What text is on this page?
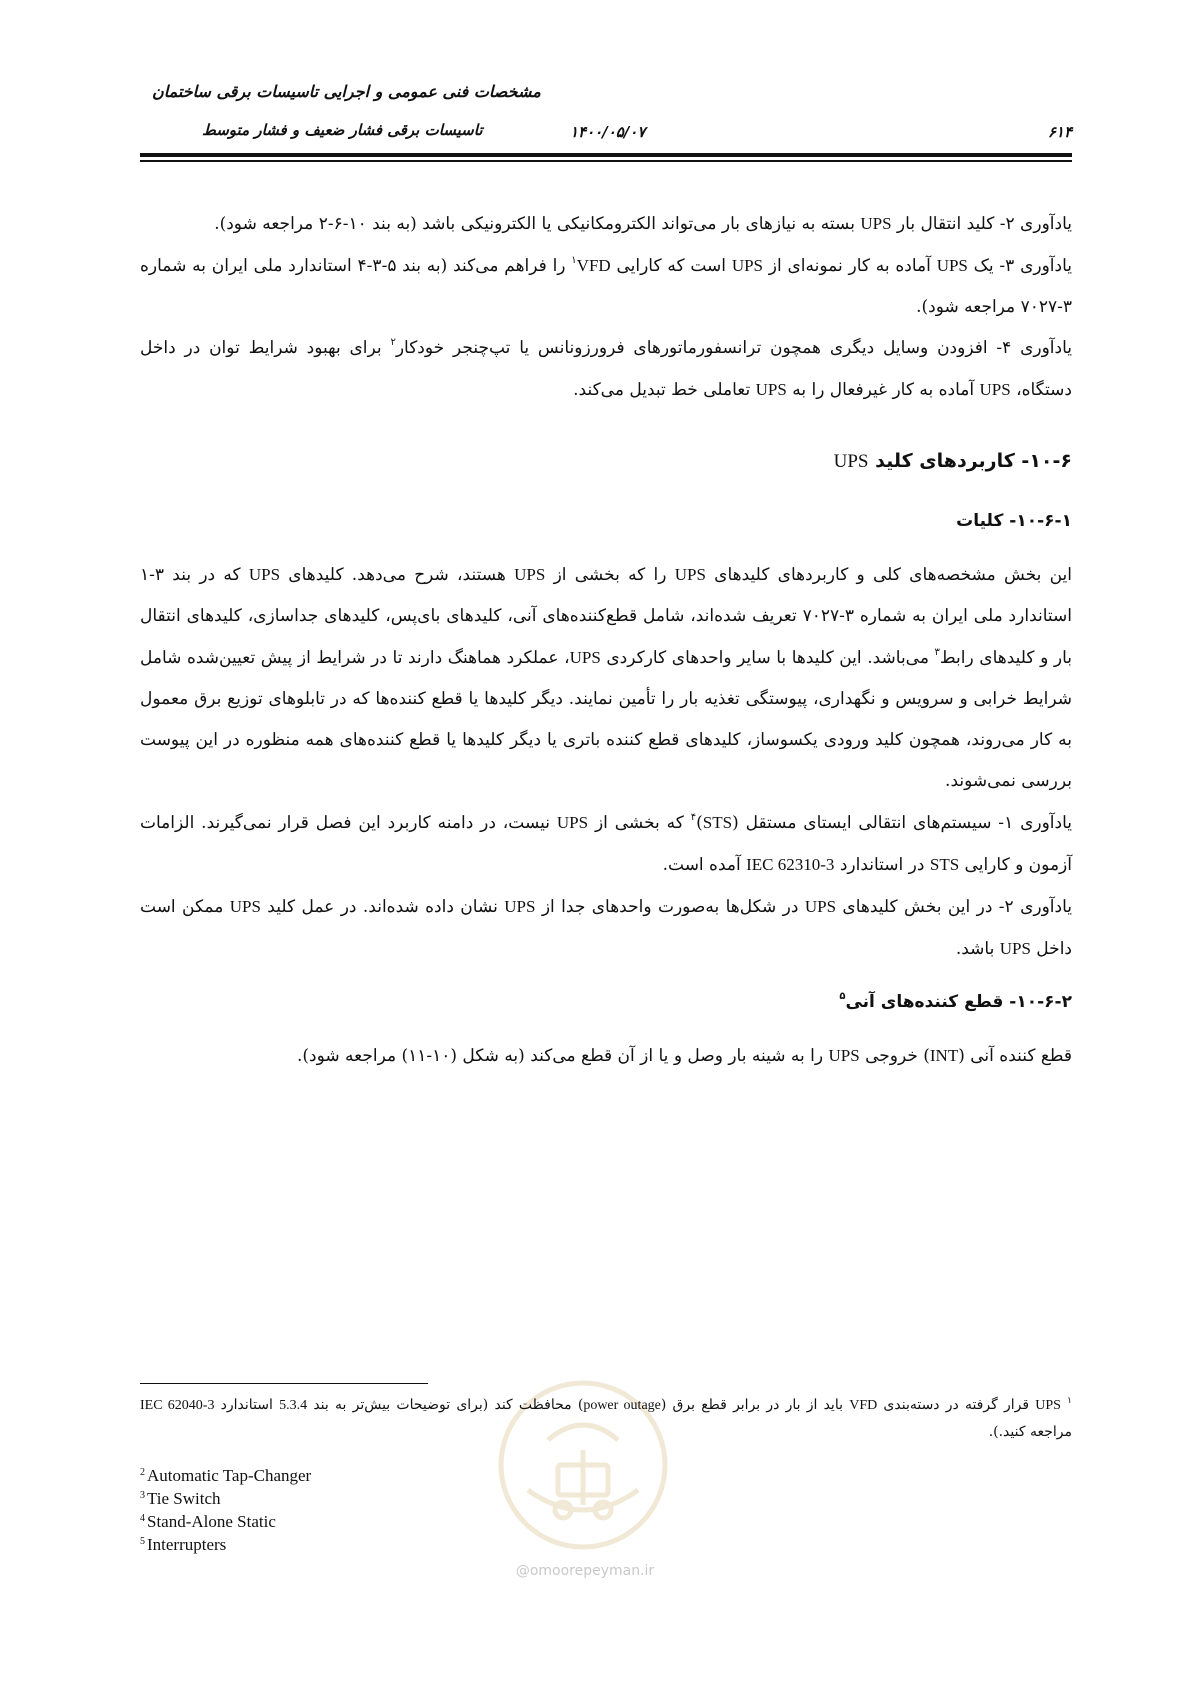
مشخصات فنی عمومی و اجرایی تاسیسات برقی ساختمان
تاسیسات برقی فشار ضعیف و فشار متوسط	۱۴۰۰/۰۵/۰۷	۶۱۴

یادآوری ۲- کلید انتقال بار UPS بسته به نیازهای بار می‌تواند الکترومکانیکی یا الکترونیکی باشد (به بند ۱۰-۶-۲ مراجعه شود).

یادآوری ۳- یک UPS آماده به کار نمونه‌ای از UPS است که کارایی VFD$^۱$ را فراهم می‌کند (به بند ۵-۳-۴ استاندارد ملی ایران به شماره ۳-۷۰۲۷ مراجعه شود).

یادآوری ۴- افزودن وسایل دیگری همچون ترانسفورماتورهای فرورزونانس یا تپ‌چنجر خودکار$^۲$ برای بهبود شرایط توان در داخل دستگاه، UPS آماده به کار غیرفعال را به UPS تعاملی خط تبدیل می‌کند.

۱۰-۶- کاربردهای کلید UPS
۱۰-۶-۱- کلیات

این بخش مشخصه‌های کلی و کاربردهای کلیدهای UPS را که بخشی از UPS هستند، شرح می‌دهد. کلیدهای UPS که در بند ۳-۱ استاندارد ملی ایران به شماره ۳-۷۰۲۷ تعریف شده‌اند، شامل قطع‌کننده‌های آنی، کلیدهای بای‌پس، کلیدهای جداسازی، کلیدهای انتقال بار و کلیدهای رابط$^۳$ می‌باشد. این کلیدها با سایر واحدهای کارکردی UPS، عملکرد هماهنگ دارند تا در شرایط از پیش تعیین‌شده شامل شرایط خرابی و سرویس و نگهداری، پیوستگی تغذیه بار را تأمین نمایند. دیگر کلیدها یا قطع کننده‌ها که در تابلوهای توزیع برق معمول به کار می‌روند، همچون کلید ورودی یکسوساز، کلیدهای قطع کننده باتری یا دیگر کلیدها یا قطع کننده‌های همه منظوره در این پیوست بررسی نمی‌شوند.

یادآوری ۱- سیستم‌های انتقالی ایستای مستقل (STS)$^۴$ که بخشی از UPS نیست، در دامنه کاربرد این فصل قرار نمی‌گیرند. الزامات آزمون و کارایی STS در استاندارد IEC 62310-3 آمده است.

یادآوری ۲- در این بخش کلیدهای UPS در شکل‌ها به‌صورت واحدهای جدا از UPS نشان داده شده‌اند. در عمل کلید UPS ممکن است داخل UPS باشد.

۱۰-۶-۲- قطع کننده‌های آنی$^۵$

قطع کننده آنی (INT) خروجی UPS را به شینه بار وصل و یا از آن قطع می‌کند (به شکل (۱۰-۱۱) مراجعه شود).

@omoorepeyman.ir
$^۱$ UPS قرار گرفته در دسته‌بندی VFD باید از بار در برابر قطع برق (power outage) محافظت کند (برای توضیحات بیش‌تر به بند 5.3.4 استاندارد IEC 62040-3 مراجعه کنید.).
$^2$ Automatic Tap-Changer
$^3$ Tie Switch
$^4$ Stand-Alone Static
$^5$ Interrupters
